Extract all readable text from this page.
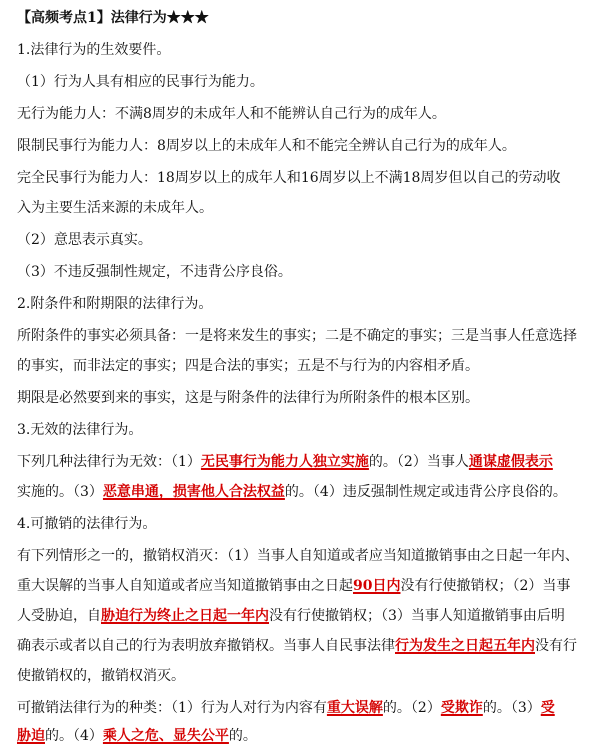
【高频考点1】法律行为★★★
1.法律行为的生效要件。
（1）行为人具有相应的民事行为能力。
无行为能力人：不满8周岁的未成年人和不能辨认自己行为的成年人。
限制民事行为能力人：8周岁以上的未成年人和不能完全辨认自己行为的成年人。
完全民事行为能力人：18周岁以上的成年人和16周岁以上不满18周岁但以自己的劳动收
入为主要生活来源的未成年人。
（2）意思表示真实。
（3）不违反强制性规定，不违背公序良俗。
2.附条件和附期限的法律行为。
所附条件的事实必须具备：一是将来发生的事实；二是不确定的事实；三是当事人任意选择
的事实，而非法定的事实；四是合法的事实；五是不与行为的内容相矛盾。
期限是必然要到来的事实，这是与附条件的法律行为所附条件的根本区别。
3.无效的法律行为。
下列几种法律行为无效：（1）无民事行为能力人独立实施的。（2）当事人通谋虚假表示
实施的。（3）恶意串通，损害他人合法权益的。（4）违反强制性规定或违背公序良俗的。
4.可撤销的法律行为。
有下列情形之一的，撤销权消灭：（1）当事人自知道或者应当知道撤销事由之日起一年内、
重大误解的当事人自知道或者应当知道撤销事由之日起90日内没有行使撤销权；（2）当事
人受胁迫，自胁迫行为终止之日起一年内没有行使撤销权；（3）当事人知道撤销事由后明
确表示或者以自己的行为表明放弃撤销权。当事人自民事法律行为发生之日起五年内没有行
使撤销权的，撤销权消灭。
可撤销法律行为的种类：（1）行为人对行为内容有重大误解的。（2）受欺诈的。（3）受
胁迫的。（4）乘人之危、显失公平的。
